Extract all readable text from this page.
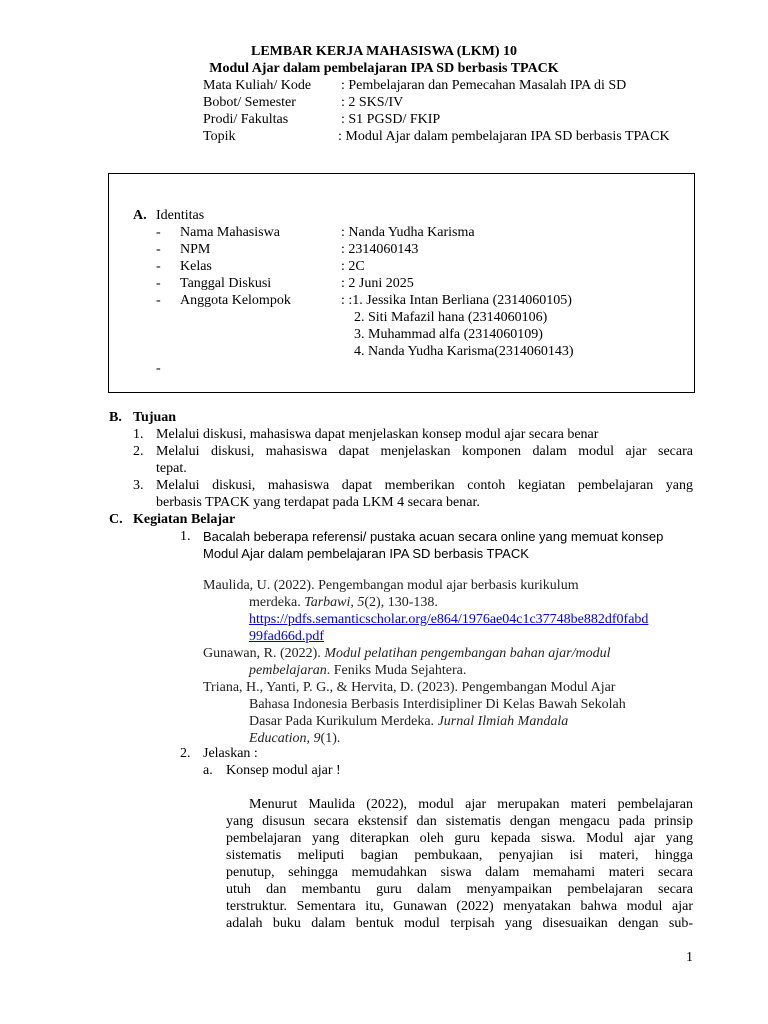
LEMBAR KERJA MAHASISWA (LKM) 10
Modul Ajar dalam pembelajaran IPA SD berbasis TPACK
Mata Kuliah/ Kode : Pembelajaran dan Pemecahan Masalah IPA di SD
Bobot/ Semester	: 2 SKS/IV
Prodi/ Fakultas	: S1 PGSD/ FKIP
Topik	: Modul Ajar dalam pembelajaran IPA SD berbasis TPACK
A. Identitas
- Nama Mahasiswa	: Nanda Yudha Karisma
- NPM	: 2314060143
- Kelas	: 2C
- Tanggal Diskusi	: 2 Juni 2025
- Anggota Kelompok	: :1. Jessika Intan Berliana (2314060105)
2. Siti Mafazil hana (2314060106)
3. Muhammad alfa (2314060109)
4. Nanda Yudha Karisma(2314060143)
-
B. Tujuan
1. Melalui diskusi, mahasiswa dapat menjelaskan konsep modul ajar secara benar
2. Melalui diskusi, mahasiswa dapat menjelaskan komponen dalam modul ajar secara
tepat.
3. Melalui diskusi, mahasiswa dapat memberikan contoh kegiatan pembelajaran yang
berbasis TPACK yang terdapat pada LKM 4 secara benar.
C. Kegiatan Belajar
1. Bacalah beberapa referensi/ pustaka acuan secara online yang memuat konsep
Modul Ajar dalam pembelajaran IPA SD berbasis TPACK
Maulida, U. (2022). Pengembangan modul ajar berbasis kurikulum
merdeka. Tarbawi, 5(2), 130-138.
https://pdfs.semanticscholar.org/e864/1976ae04c1c37748be882df0fabd
99fad66d.pdf
Gunawan, R. (2022). Modul pelatihan pengembangan bahan ajar/modul
pembelajaran. Feniks Muda Sejahtera.
Triana, H., Yanti, P. G., & Hervita, D. (2023). Pengembangan Modul Ajar
Bahasa Indonesia Berbasis Interdisipliner Di Kelas Bawah Sekolah
Dasar Pada Kurikulum Merdeka. Jurnal Ilmiah Mandala
Education, 9(1).
2. Jelaskan :
a. Konsep modul ajar !
Menurut Maulida (2022), modul ajar merupakan materi pembelajaran
yang disusun secara ekstensif dan sistematis dengan mengacu pada prinsip
pembelajaran yang diterapkan oleh guru kepada siswa. Modul ajar yang
sistematis meliputi bagian pembukaan, penyajian isi materi, hingga
penutup, sehingga memudahkan siswa dalam memahami materi secara
utuh dan membantu guru dalam menyampaikan pembelajaran secara
terstruktur. Sementara itu, Gunawan (2022) menyatakan bahwa modul ajar
adalah buku dalam bentuk modul terpisah yang disesuaikan dengan sub-
1
